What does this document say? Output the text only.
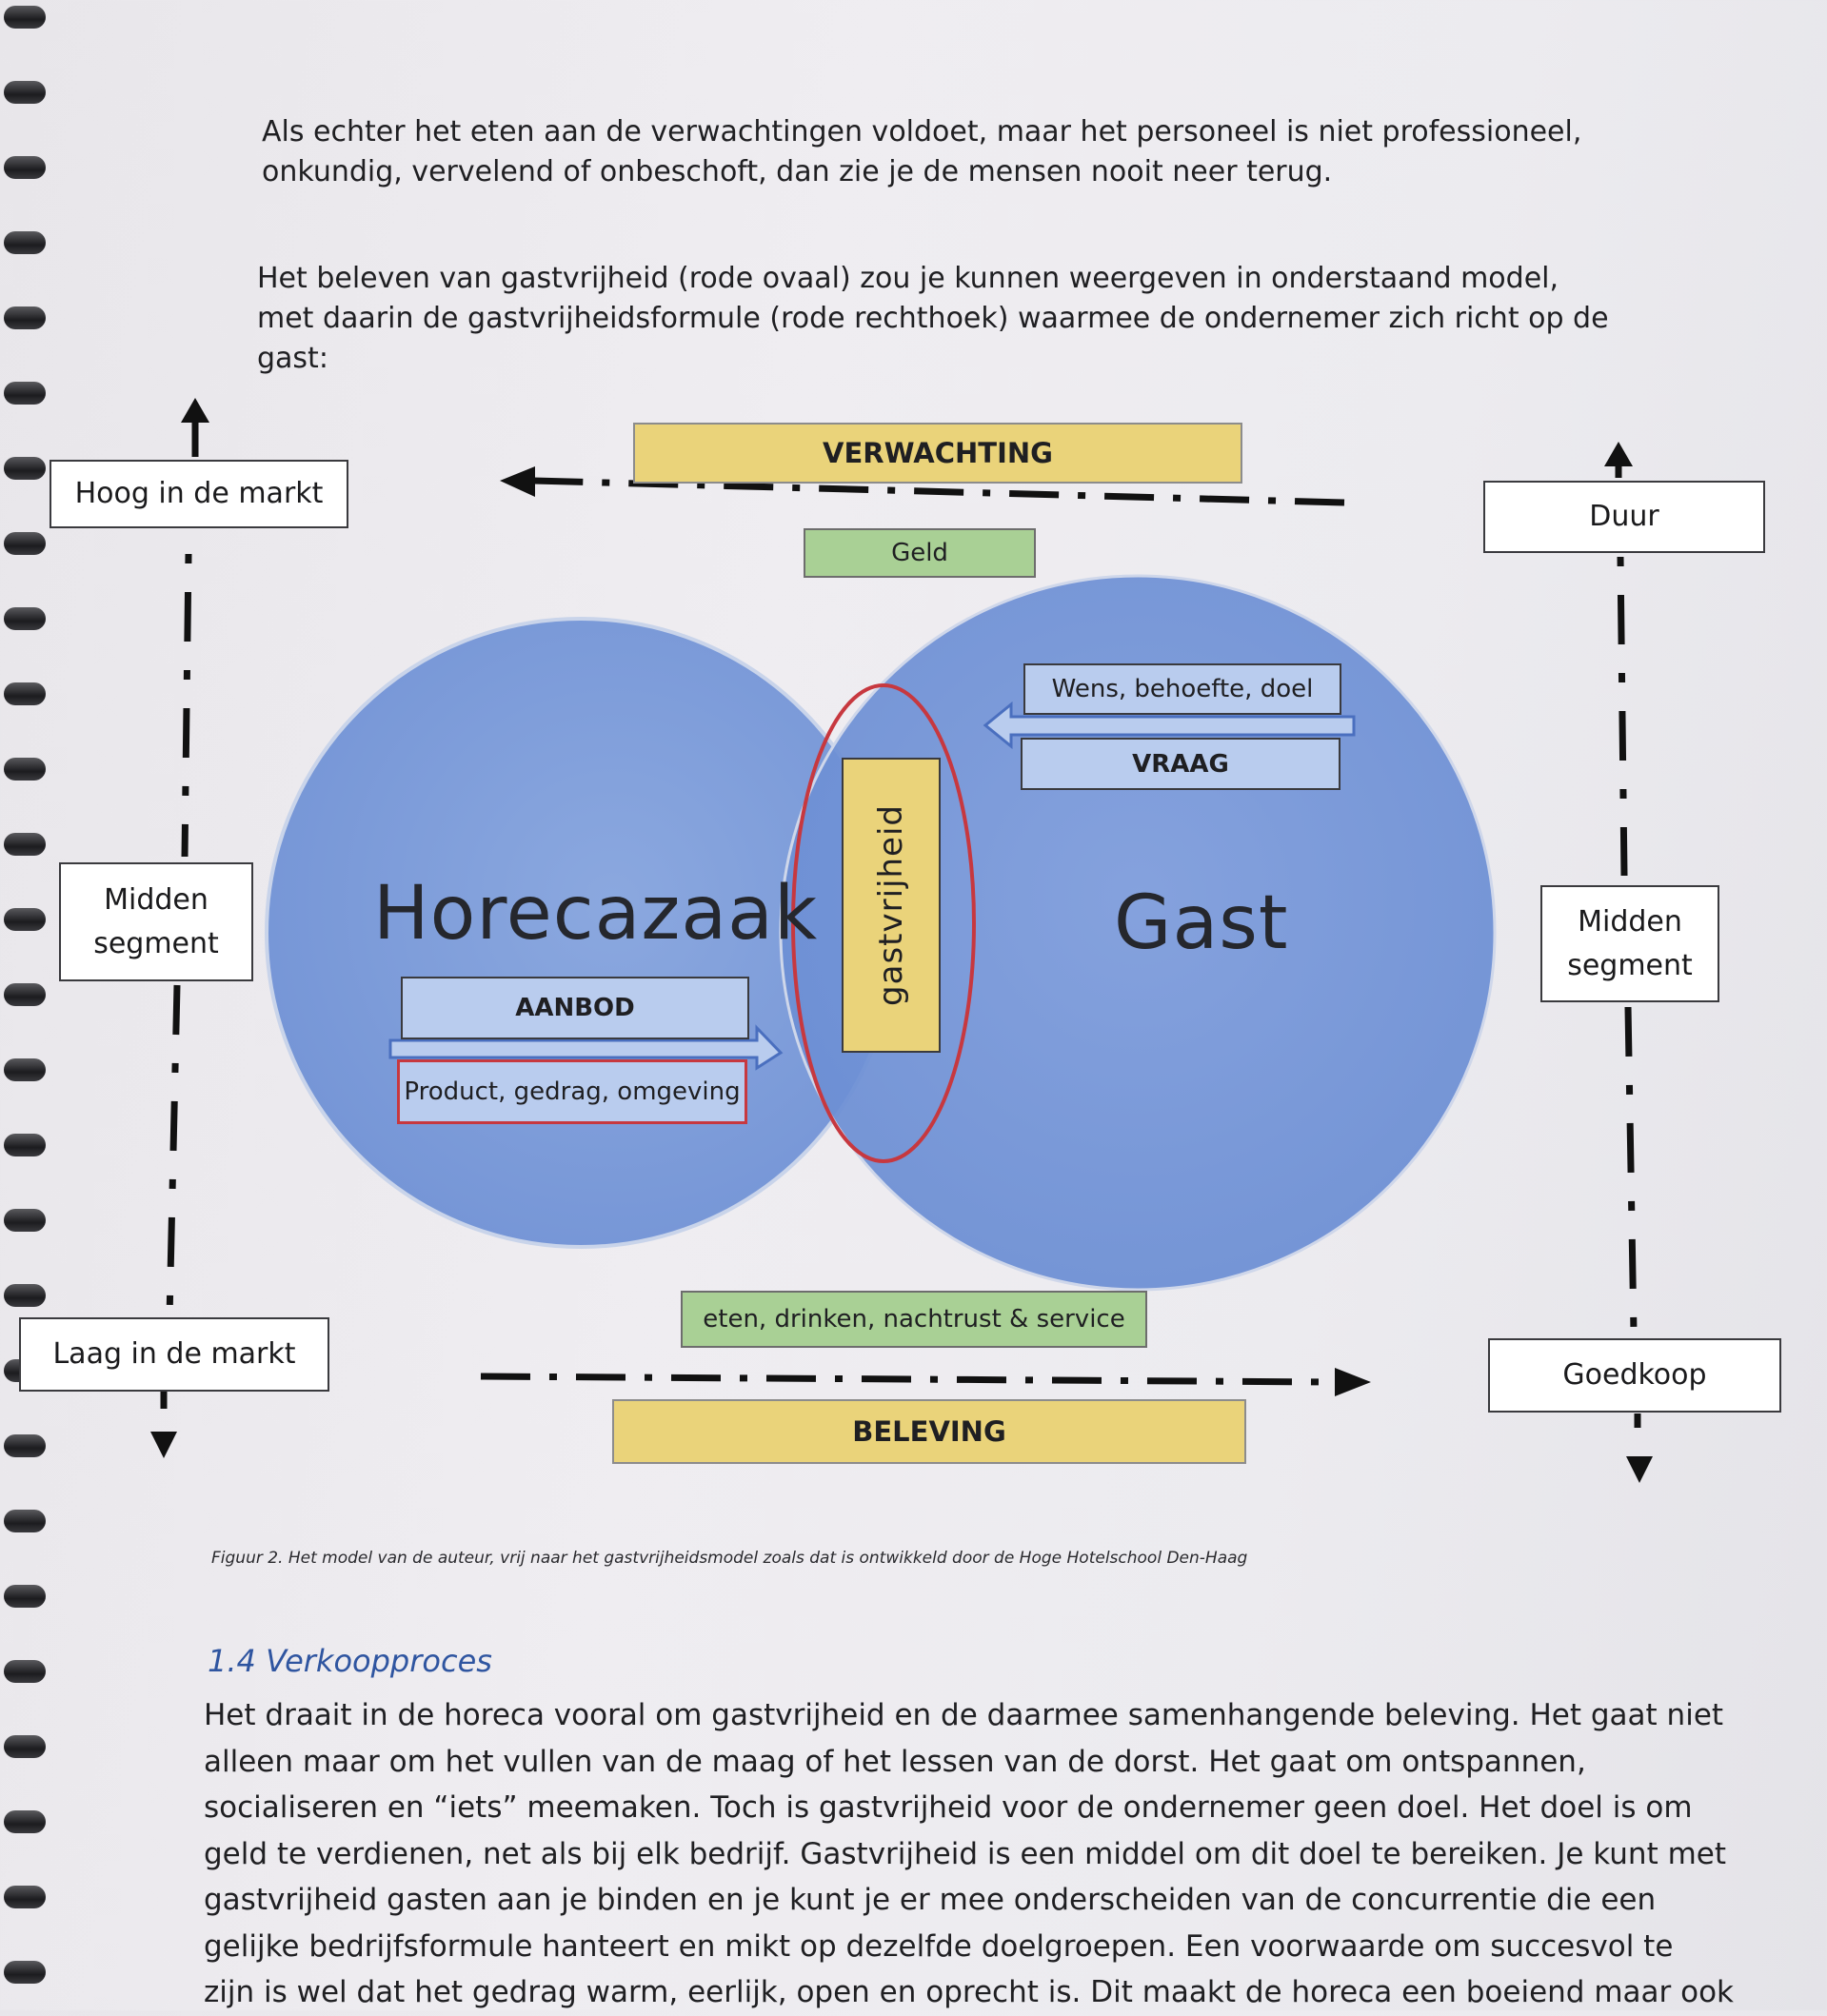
Als echter het eten aan de verwachtingen voldoet, maar het personeel is niet professioneel, onkundig, vervelend of onbeschoft, dan zie je de mensen nooit neer terug.

Het beleven van gastvrijheid (rode ovaal) zou je kunnen weergeven in onderstaand model, met daarin de gastvrijheidsformule (rode rechthoek) waarmee de ondernemer zich richt op de gast:

VERWACHTING
BELEVING
Geld
eten, drinken, nachtrust & service
Hoog in de markt
Midden segment
Laag in de markt
Duur
Midden segment
Goedkoop
Horecazaak	Gast
AANBOD
Product, gedrag, omgeving
Wens, behoefte, doel
VRAAG
gastvrijheid

Figuur 2. Het model van de auteur, vrij naar het gastvrijheidsmodel zoals dat is ontwikkeld door de Hoge Hotelschool Den-Haag

1.4 Verkoopproces
Het draait in de horeca vooral om gastvrijheid en de daarmee samenhangende beleving. Het gaat niet
alleen maar om het vullen van de maag of het lessen van de dorst. Het gaat om ontspannen,
socialiseren en “iets” meemaken. Toch is gastvrijheid voor de ondernemer geen doel. Het doel is om
geld te verdienen, net als bij elk bedrijf. Gastvrijheid is een middel om dit doel te bereiken. Je kunt met
gastvrijheid gasten aan je binden en je kunt je er mee onderscheiden van de concurrentie die een
gelijke bedrijfsformule hanteert en mikt op dezelfde doelgroepen. Een voorwaarde om succesvol te
zijn is wel dat het gedrag warm, eerlijk, open en oprecht is. Dit maakt de horeca een boeiend maar ook
